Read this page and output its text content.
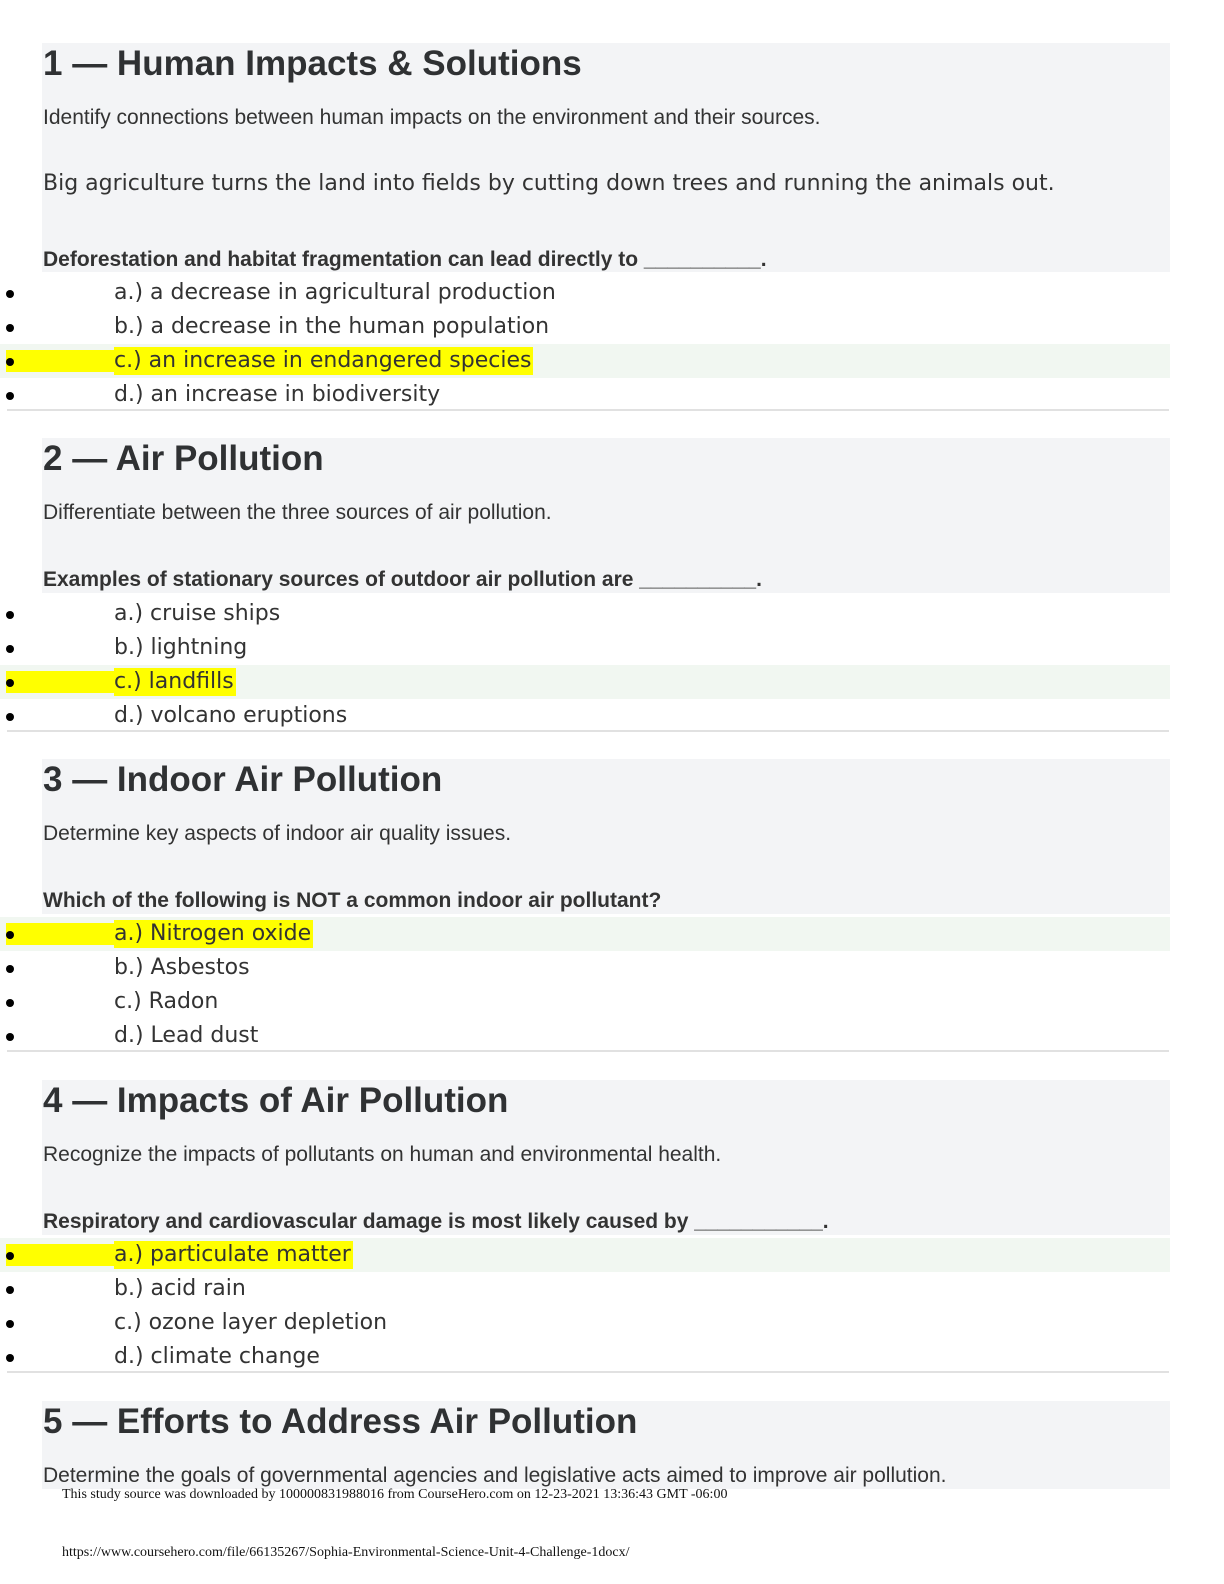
1 — Human Impacts & Solutions
Identify connections between human impacts on the environment and their sources.
Big agriculture turns the land into fields by cutting down trees and running the animals out.
Deforestation and habitat fragmentation can lead directly to __________.
a.) a decrease in agricultural production
b.) a decrease in the human population
c.) an increase in endangered species
d.) an increase in biodiversity
2 — Air Pollution
Differentiate between the three sources of air pollution.
Examples of stationary sources of outdoor air pollution are __________.
a.) cruise ships
b.) lightning
c.) landfills
d.) volcano eruptions
3 — Indoor Air Pollution
Determine key aspects of indoor air quality issues.
Which of the following is NOT a common indoor air pollutant?
a.) Nitrogen oxide
b.) Asbestos
c.) Radon
d.) Lead dust
4 — Impacts of Air Pollution
Recognize the impacts of pollutants on human and environmental health.
Respiratory and cardiovascular damage is most likely caused by ___________.
a.) particulate matter
b.) acid rain
c.) ozone layer depletion
d.) climate change
5 — Efforts to Address Air Pollution
Determine the goals of governmental agencies and legislative acts aimed to improve air pollution.
This study source was downloaded by 100000831988016 from CourseHero.com on 12-23-2021 13:36:43 GMT -06:00
https://www.coursehero.com/file/66135267/Sophia-Environmental-Science-Unit-4-Challenge-1docx/
